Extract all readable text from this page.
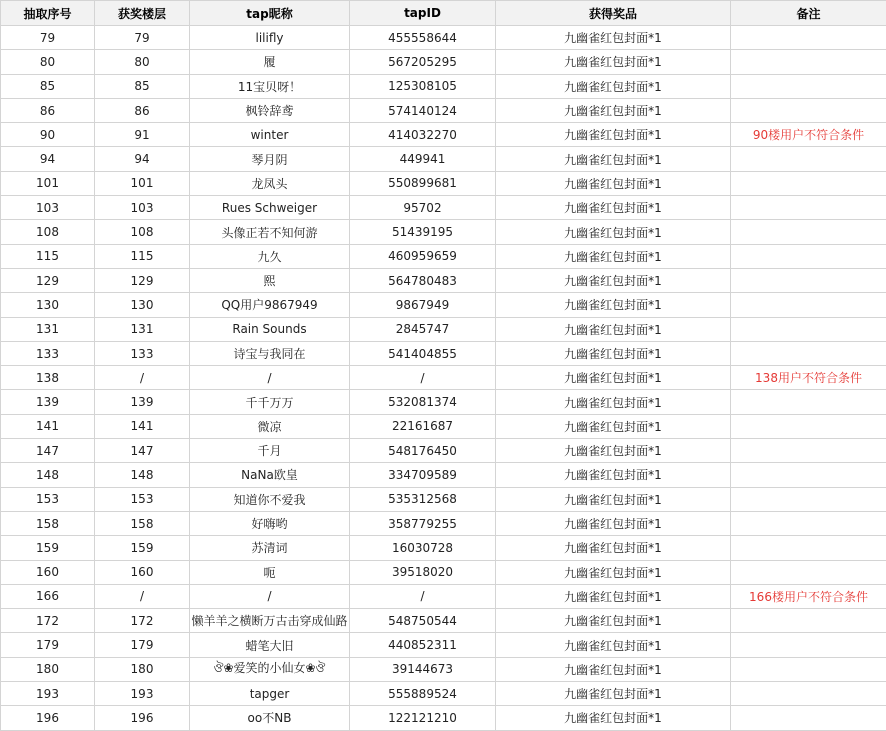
抽取序号	获奖楼层	tap昵称	tapID	获得奖品	备注
79	79	lilifly	455558644	九幽雀红包封面*1	
80	80	履	567205295	九幽雀红包封面*1	
85	85	11宝贝呀！	125308105	九幽雀红包封面*1	
86	86	枫铃辞鸢	574140124	九幽雀红包封面*1	
90	91	winter	414032270	九幽雀红包封面*1	90楼用户不符合条件
94	94	琴月阴	449941	九幽雀红包封面*1	
101	101	龙凤头	550899681	九幽雀红包封面*1	
103	103	Rues Schweiger	95702	九幽雀红包封面*1	
108	108	头像正若不知何游	51439195	九幽雀红包封面*1	
115	115	九久	460959659	九幽雀红包封面*1	
129	129	熙	564780483	九幽雀红包封面*1	
130	130	QQ用户9867949	9867949	九幽雀红包封面*1	
131	131	Rain Sounds	2845747	九幽雀红包封面*1	
133	133	诗宝与我同在	541404855	九幽雀红包封面*1	
138	/	/	/	九幽雀红包封面*1	138用户不符合条件
139	139	千千万万	532081374	九幽雀红包封面*1	
141	141	微凉	22161687	九幽雀红包封面*1	
147	147	千月	548176450	九幽雀红包封面*1	
148	148	NaNa欧皇	334709589	九幽雀红包封面*1	
153	153	知道你不爱我	535312568	九幽雀红包封面*1	
158	158	好嗨哟	358779255	九幽雀红包封面*1	
159	159	苏清词	16030728	九幽雀红包封面*1	
160	160	呃	39518020	九幽雀红包封面*1	
166	/	/	/	九幽雀红包封面*1	166楼用户不符合条件
172	172	懒羊羊之横断万古击穿成仙路	548750544	九幽雀红包封面*1	
179	179	蜡笔大旧	440852311	九幽雀红包封面*1	
180	180	ঔ❀爱笑的小仙女❀ঔ	39144673	九幽雀红包封面*1	
193	193	tapger	555889524	九幽雀红包封面*1	
196	196	oo不NB	122121210	九幽雀红包封面*1	
